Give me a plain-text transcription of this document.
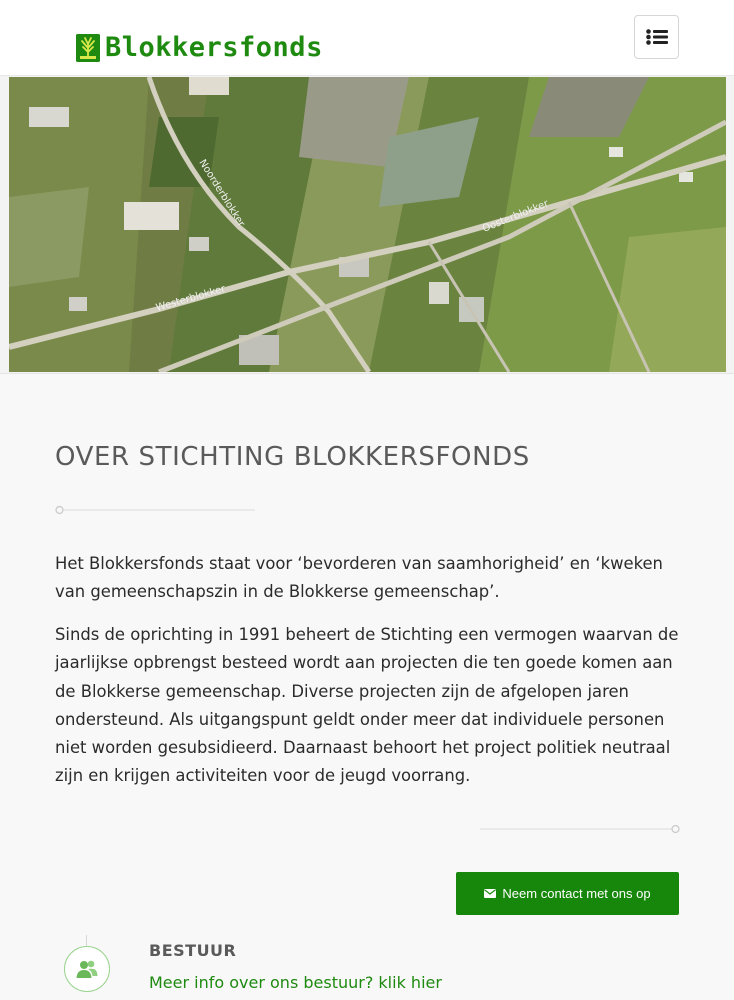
Blokkersfonds
Noorderblokker	Oosterblokker
Westerblokker
OVER STICHTING BLOKKERSFONDS

Het Blokkersfonds staat voor ‘bevorderen van saamhorigheid’ en ‘kweken van gemeenschapszin in de Blokkerse gemeenschap’.

Sinds de oprichting in 1991 beheert de Stichting een vermogen waarvan de jaarlijkse opbrengst besteed wordt aan projecten die ten goede komen aan de Blokkerse gemeenschap. Diverse projecten zijn de afgelopen jaren ondersteund. Als uitgangspunt geldt onder meer dat individuele personen niet worden gesubsidieerd. Daarnaast behoort het project politiek neutraal zijn en krijgen activiteiten voor de jeugd voorrang.

Neem contact met ons op
BESTUUR
Meer info over ons bestuur? klik hier
